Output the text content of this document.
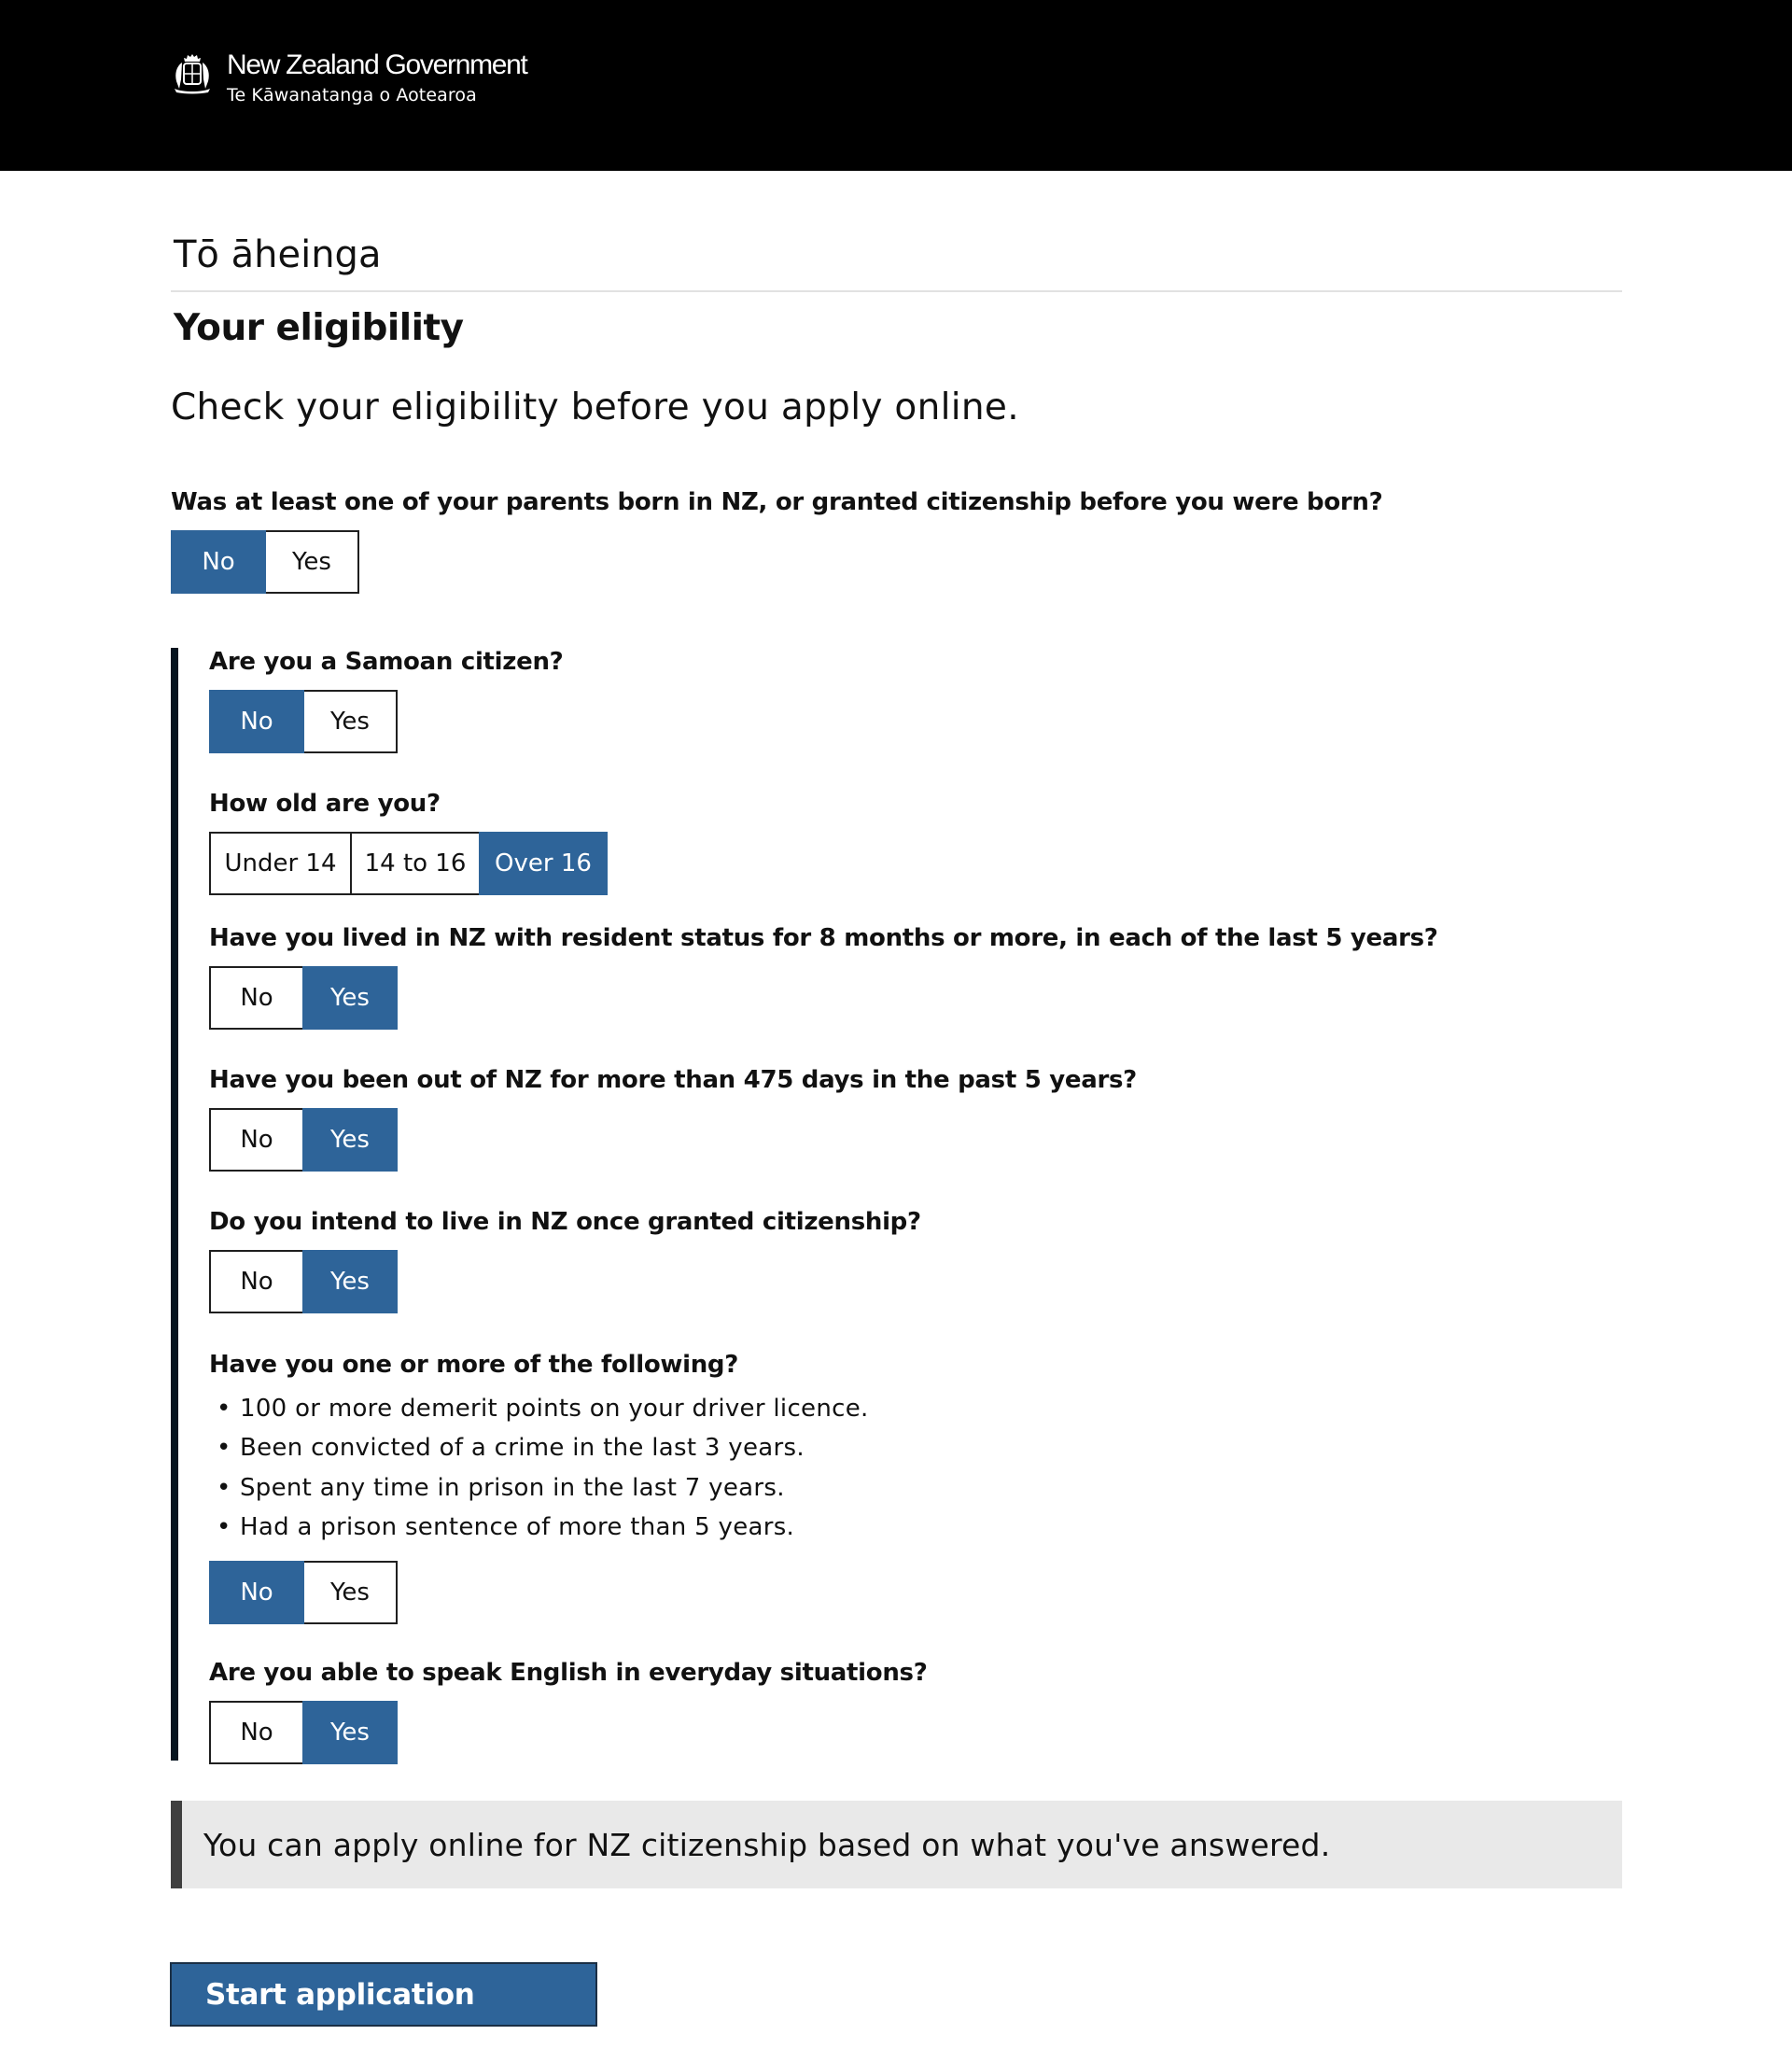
New Zealand Government
Te Kāwanatanga o Aotearoa
Tō āheinga
Your eligibility
Check your eligibility before you apply online.
Was at least one of your parents born in NZ, or granted citizenship before you were born?
No	Yes
Are you a Samoan citizen?
No	Yes
How old are you?
Under 14	14 to 16	Over 16
Have you lived in NZ with resident status for 8 months or more, in each of the last 5 years?
No	Yes
Have you been out of NZ for more than 475 days in the past 5 years?
No	Yes
Do you intend to live in NZ once granted citizenship?
No	Yes
Have you one or more of the following?
• 100 or more demerit points on your driver licence.
• Been convicted of a crime in the last 3 years.
• Spent any time in prison in the last 7 years.
• Had a prison sentence of more than 5 years.
No	Yes
Are you able to speak English in everyday situations?
No	Yes
You can apply online for NZ citizenship based on what you've answered.
Start application
